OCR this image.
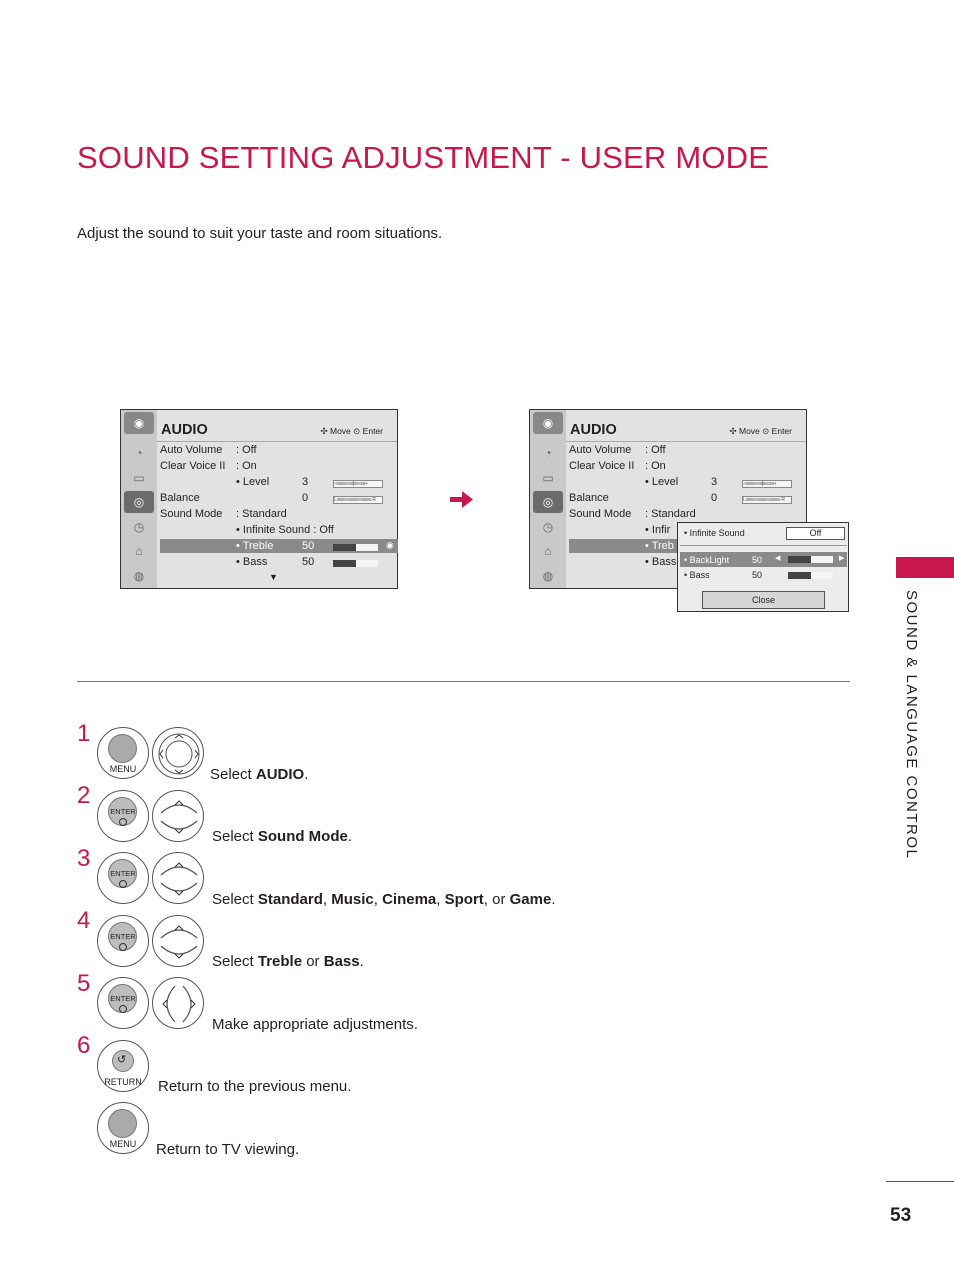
SOUND SETTING ADJUSTMENT - USER MODE
Adjust the sound to suit your taste and room situations.
SOUND & LANGUAGE CONTROL
◉
◔
▭
◎
◷
⌂
◍
AUDIO	✣ Move ⊙ Enter
Auto Volume : Off
Clear Voice II : On
• Level	3	-ıııııııııııııııı|ıııııııııı+
Balance	0	Lıııııııııııııııııııııııııııııııı R
Sound Mode : Standard
• Infinite Sound : Off
• Treble	50	◉
• Bass	50
▼
◉
◔
▭
◎
◷
⌂
◍
AUDIO	✣ Move ⊙ Enter
Auto Volume : Off
Clear Voice II : On
• Level	3	-ıııııııııııııııı|ıııııııııı+
Balance	0	Lıııııııııııııııııııııııııııııııı R
Sound Mode : Standard
• Infir
• Treb
• Bass
• Infinite Sound	Off
• BackLight	50 ◀	▶
• Bass	50
Close
1
MENU	Select AUDIO.
2
ENTER
Select Sound Mode.
3
ENTER
Select Standard, Music, Cinema, Sport, or Game.
4
ENTER
Select Treble or Bass.
5
ENTER
Make appropriate adjustments.
6
↺
RETURN	Return to the previous menu.
MENU	Return to TV viewing.
53
